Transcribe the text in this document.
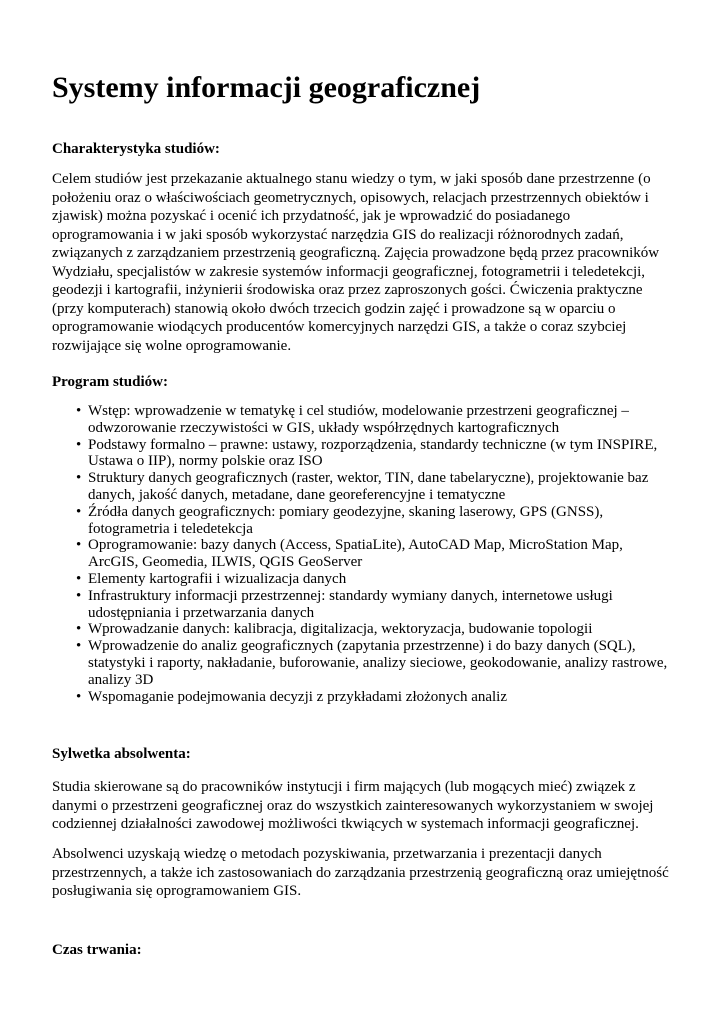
Systemy informacji geograficznej

Charakterystyka studiów:

Celem studiów jest przekazanie aktualnego stanu wiedzy o tym, w jaki sposób dane przestrzenne (o położeniu oraz o właściwościach geometrycznych, opisowych, relacjach przestrzennych obiektów i zjawisk) można pozyskać i ocenić ich przydatność, jak je wprowadzić do posiadanego oprogramowania i w jaki sposób wykorzystać narzędzia GIS do realizacji różnorodnych zadań, związanych z zarządzaniem przestrzenią geograficzną. Zajęcia prowadzone będą przez pracowników Wydziału, specjalistów w zakresie systemów informacji geograficznej, fotogrametrii i teledetekcji, geodezji i kartografii, inżynierii środowiska oraz przez zaproszonych gości. Ćwiczenia praktyczne (przy komputerach) stanowią około dwóch trzecich godzin zajęć i prowadzone są w oparciu o oprogramowanie wiodących producentów komercyjnych narzędzi GIS, a także o coraz szybciej rozwijające się wolne oprogramowanie.

Program studiów:

• Wstęp: wprowadzenie w tematykę i cel studiów, modelowanie przestrzeni geograficznej – odwzorowanie rzeczywistości w GIS, układy współrzędnych kartograficznych
• Podstawy formalno – prawne: ustawy, rozporządzenia, standardy techniczne (w tym INSPIRE, Ustawa o IIP), normy polskie oraz ISO
• Struktury danych geograficznych (raster, wektor, TIN, dane tabelaryczne), projektowanie baz danych, jakość danych, metadane, dane georeferencyjne i tematyczne
• Źródła danych geograficznych: pomiary geodezyjne, skaning laserowy, GPS (GNSS), fotogrametria i teledetekcja
• Oprogramowanie: bazy danych (Access, SpatiaLite), AutoCAD Map, MicroStation Map, ArcGIS, Geomedia, ILWIS, QGIS GeoServer
• Elementy kartografii i wizualizacja danych
• Infrastruktury informacji przestrzennej: standardy wymiany danych, internetowe usługi udostępniania i przetwarzania danych
• Wprowadzanie danych: kalibracja, digitalizacja, wektoryzacja, budowanie topologii
• Wprowadzenie do analiz geograficznych (zapytania przestrzenne) i do bazy danych (SQL), statystyki i raporty, nakładanie, buforowanie, analizy sieciowe, geokodowanie, analizy rastrowe, analizy 3D
• Wspomaganie podejmowania decyzji z przykładami złożonych analiz

Sylwetka absolwenta:

Studia skierowane są do pracowników instytucji i firm mających (lub mogących mieć) związek z danymi o przestrzeni geograficznej oraz do wszystkich zainteresowanych wykorzystaniem w swojej codziennej działalności zawodowej możliwości tkwiących w systemach informacji geograficznej.

Absolwenci uzyskają wiedzę o metodach pozyskiwania, przetwarzania i prezentacji danych przestrzennych, a także ich zastosowaniach do zarządzania przestrzenią geograficzną oraz umiejętność posługiwania się oprogramowaniem GIS.

Czas trwania:
